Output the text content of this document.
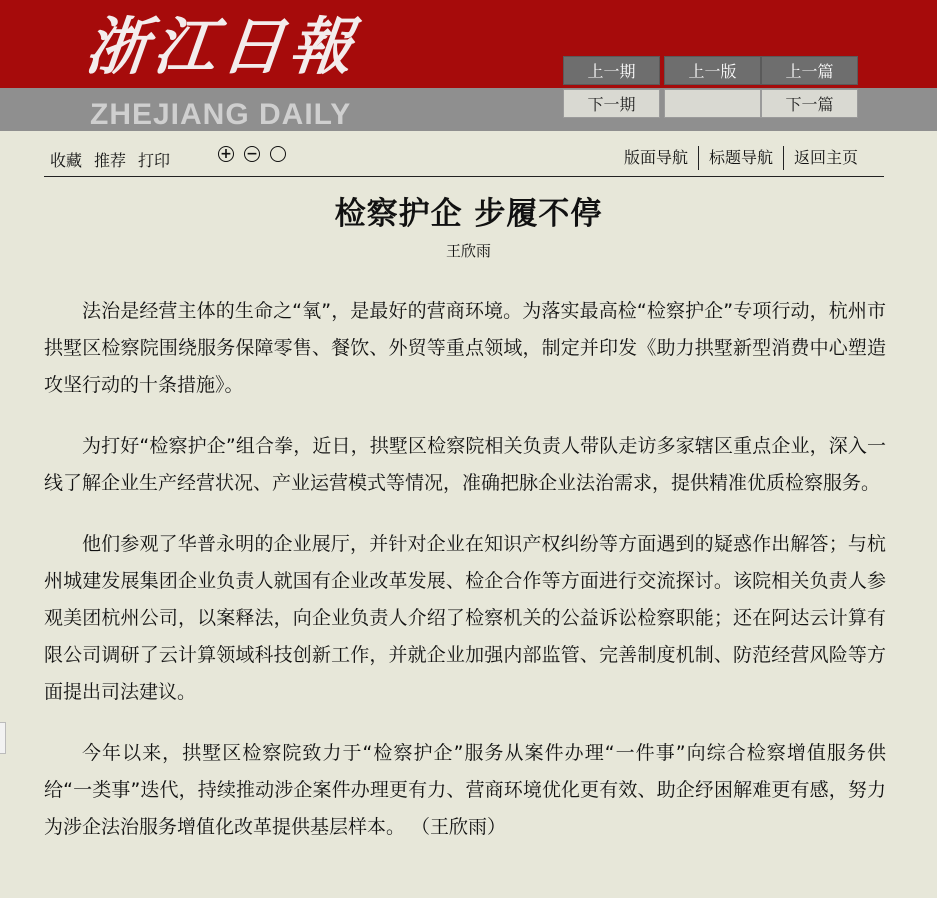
浙江日報
ZHEJIANG DAILY
上一期	上一版	上一篇
下一期	下一篇
收藏 推荐 打印	+ −	版面导航	标题导航	返回主页
检察护企 步履不停
王欣雨

法治是经营主体的生命之“氧”，是最好的营商环境。为落实最高检“检察护企”专项行动，杭州市拱墅区检察院围绕服务保障零售、餐饮、外贸等重点领域，制定并印发《助力拱墅新型消费中心塑造攻坚行动的十条措施》。

为打好“检察护企”组合拳，近日，拱墅区检察院相关负责人带队走访多家辖区重点企业，深入一线了解企业生产经营状况、产业运营模式等情况，准确把脉企业法治需求，提供精准优质检察服务。

他们参观了华普永明的企业展厅，并针对企业在知识产权纠纷等方面遇到的疑惑作出解答；与杭州城建发展集团企业负责人就国有企业改革发展、检企合作等方面进行交流探讨。该院相关负责人参观美团杭州公司，以案释法，向企业负责人介绍了检察机关的公益诉讼检察职能；还在阿达云计算有限公司调研了云计算领域科技创新工作，并就企业加强内部监管、完善制度机制、防范经营风险等方面提出司法建议。

今年以来，拱墅区检察院致力于“检察护企”服务从案件办理“一件事”向综合检察增值服务供给“一类事”迭代，持续推动涉企案件办理更有力、营商环境优化更有效、助企纾困解难更有感，努力为涉企法治服务增值化改革提供基层样本。 （王欣雨）
